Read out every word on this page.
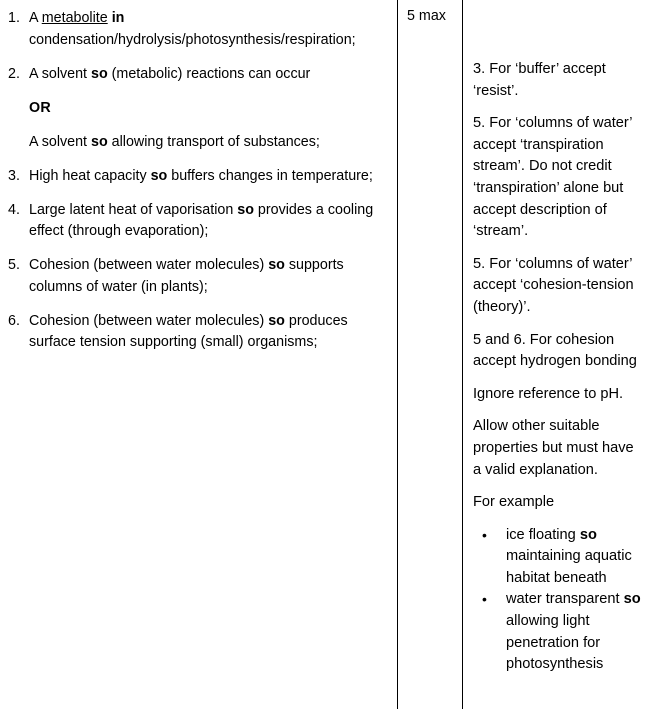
1. A metabolite in condensation/hydrolysis/photosynthesis/respiration;
2. A solvent so (metabolic) reactions can occur
OR
A solvent so allowing transport of substances;
3. High heat capacity so buffers changes in temperature;
4. Large latent heat of vaporisation so provides a cooling effect (through evaporation);
5. Cohesion (between water molecules) so supports columns of water (in plants);
6. Cohesion (between water molecules) so produces surface tension supporting (small) organisms;
5 max

3. For ‘buffer’ accept ‘resist’.

5. For ‘columns of water’ accept ‘transpiration stream’. Do not credit ‘transpiration’ alone but accept description of ‘stream’.

5. For ‘columns of water’ accept ‘cohesion-tension (theory)’.

5 and 6. For cohesion accept hydrogen bonding

Ignore reference to pH.

Allow other suitable properties but must have a valid explanation.

For example

• ice floating so maintaining aquatic habitat beneath
• water transparent so allowing light penetration for photosynthesis
